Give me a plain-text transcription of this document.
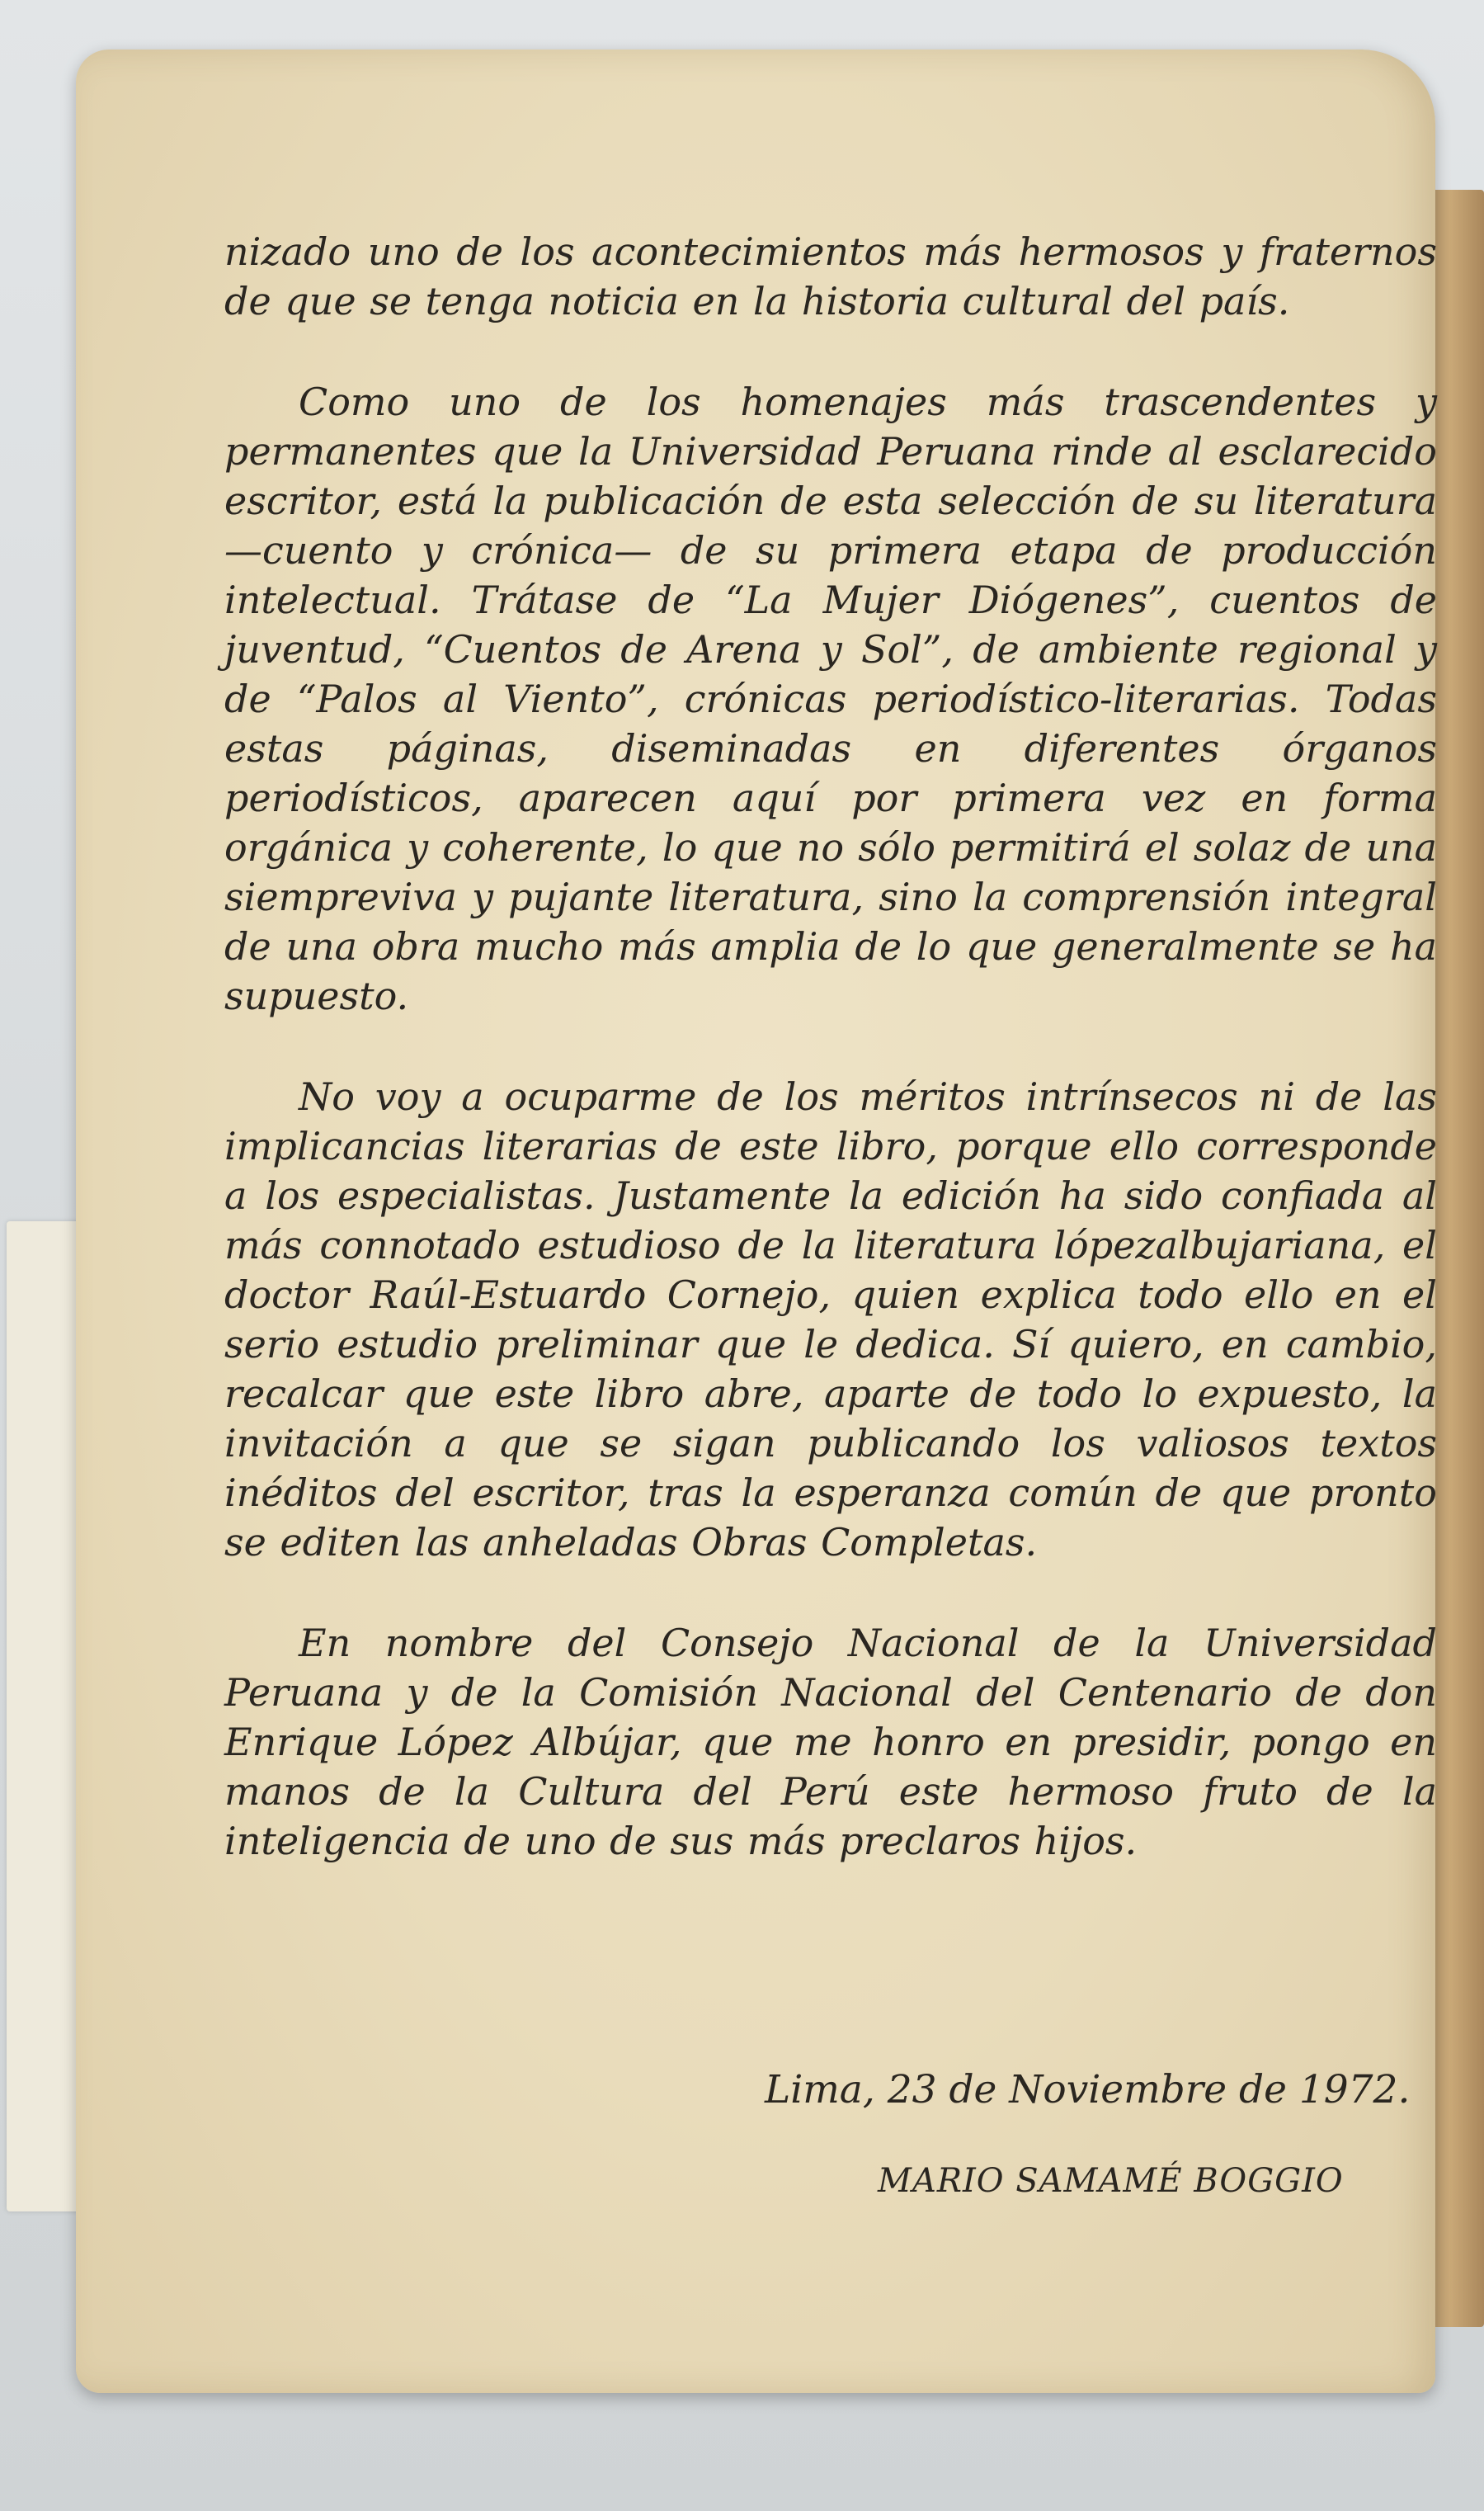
nizado uno de los acontecimientos más hermosos y fraternos de que se tenga noticia en la historia cultural del país.

Como uno de los homenajes más trascendentes y permanentes que la Universidad Peruana rinde al esclarecido escritor, está la publicación de esta selección de su literatura —cuento y crónica— de su primera etapa de producción intelectual. Trátase de “La Mujer Diógenes”, cuentos de juventud, “Cuentos de Arena y Sol”, de ambiente regional y de “Palos al Viento”, crónicas periodístico-literarias. Todas estas páginas, diseminadas en diferentes órganos periodísticos, aparecen aquí por primera vez en forma orgánica y coherente, lo que no sólo permitirá el solaz de una siempreviva y pujante literatura, sino la comprensión integral de una obra mucho más amplia de lo que generalmente se ha supuesto.

No voy a ocuparme de los méritos intrínsecos ni de las implicancias literarias de este libro, porque ello corresponde a los especialistas. Justamente la edición ha sido confiada al más connotado estudioso de la literatura lópezalbujariana, el doctor Raúl-Estuardo Cornejo, quien explica todo ello en el serio estudio preliminar que le dedica. Sí quiero, en cambio, recalcar que este libro abre, aparte de todo lo expuesto, la invitación a que se sigan publicando los valiosos textos inéditos del escritor, tras la esperanza común de que pronto se editen las anheladas Obras Completas.

En nombre del Consejo Nacional de la Universidad Peruana y de la Comisión Nacional del Centenario de don Enrique López Albújar, que me honro en presidir, pongo en manos de la Cultura del Perú este hermoso fruto de la inteligencia de uno de sus más preclaros hijos.

Lima, 23 de Noviembre de 1972.
MARIO SAMAMÉ BOGGIO
